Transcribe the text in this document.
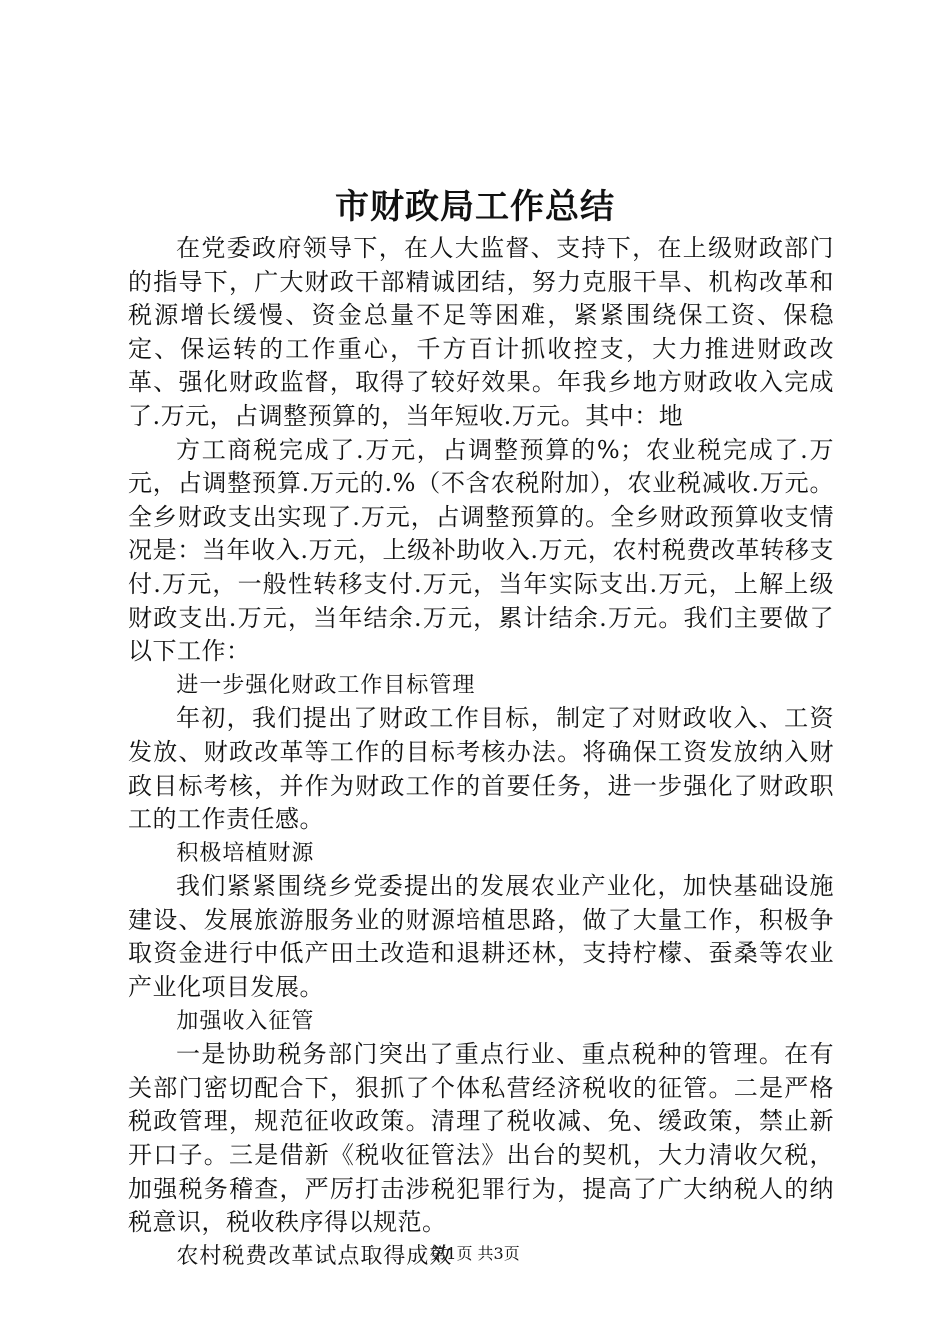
市财政局工作总结

在党委政府领导下，在人大监督、支持下，在上级财政部门的指导下，广大财政干部精诚团结，努力克服干旱、机构改革和税源增长缓慢、资金总量不足等困难，紧紧围绕保工资、保稳定、保运转的工作重心，千方百计抓收控支，大力推进财政改革、强化财政监督，取得了较好效果。年我乡地方财政收入完成了.万元，占调整预算的，当年短收.万元。其中：地

方工商税完成了.万元，占调整预算的%；农业税完成了.万元，占调整预算.万元的.%（不含农税附加），农业税减收.万元。全乡财政支出实现了.万元，占调整预算的。全乡财政预算收支情况是：当年收入.万元，上级补助收入.万元，农村税费改革转移支付.万元，一般性转移支付.万元，当年实际支出.万元，上解上级财政支出.万元，当年结余.万元，累计结余.万元。我们主要做了以下工作：

进一步强化财政工作目标管理

年初，我们提出了财政工作目标，制定了对财政收入、工资发放、财政改革等工作的目标考核办法。将确保工资发放纳入财政目标考核，并作为财政工作的首要任务，进一步强化了财政职工的工作责任感。

积极培植财源

我们紧紧围绕乡党委提出的发展农业产业化，加快基础设施建设、发展旅游服务业的财源培植思路，做了大量工作，积极争取资金进行中低产田土改造和退耕还林，支持柠檬、蚕桑等农业产业化项目发展。

加强收入征管

一是协助税务部门突出了重点行业、重点税种的管理。在有关部门密切配合下，狠抓了个体私营经济税收的征管。二是严格税政管理，规范征收政策。清理了税收减、免、缓政策，禁止新开口子。三是借新《税收征管法》出台的契机，大力清收欠税，加强税务稽查，严厉打击涉税犯罪行为，提高了广大纳税人的纳税意识，税收秩序得以规范。

农村税费改革试点取得成效

第1页 共3页
